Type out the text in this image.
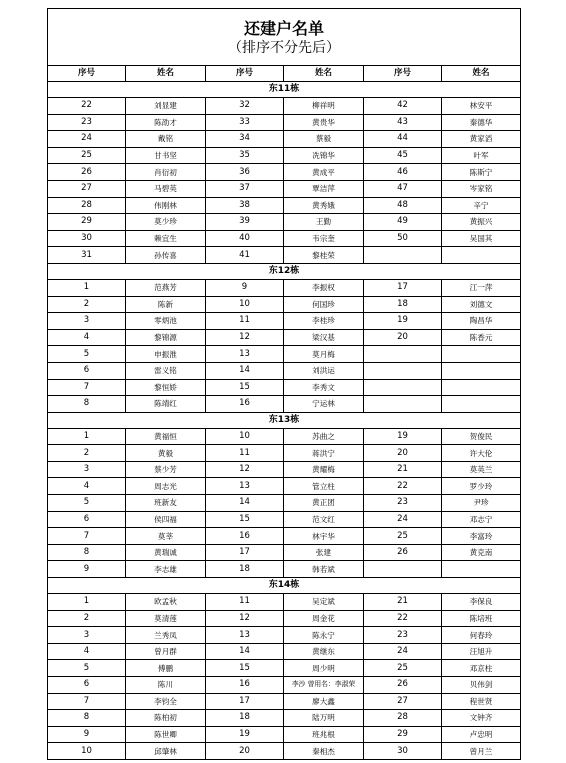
还建户名单
（排序不分先后）					

序号	姓名	序号	姓名	序号	姓名
东11栋					
22	刘显建	32	柳祥明	42	林安平
23	陈劭才	33	黄贵华	43	秦德华
24	戴铭	34	蔡毅	44	黄家滔
25	甘书坚	35	冼锦华	45	叶军
26	肖衍初	36	黄成平	46	陈斯宁
27	马碧英	37	覃洁萍	47	岑家铭
28	伟刚林	38	黄秀娥	48	辛宁
29	莫少珍	39	王勤	49	黄振兴
30	赖宜生	40	韦宗奎	50	吴国其
31	孙传喜	41	黎桂荣		
东12栋					
1	范燕芳	9	李振权	17	江一萍
2	陈新	10	何国珍	18	刘德文
3	零炳池	11	李桂珍	19	陶昌华
4	黎锦源	12	梁汉基	20	陈香元
5	申振淮	13	莫月梅		
6	雷义铭	14	刘洪运		
7	黎恒娇	15	李秀文		
8	陈靖红	16	宁运林		
东13栋					
1	黄福恒	10	苏曲之	19	贺俊民
2	黄毅	11	蒋洪宁	20	许大伦
3	蔡少芳	12	黄耀梅	21	莫英兰
4	周志光	13	管立柱	22	罗少玲
5	班新友	14	黄正团	23	尹珍
6	侯四福	15	范文红	24	邓志宁
7	莫莘	16	林宇华	25	李富玲
8	黄瑞诚	17	张建	26	黄克南
9	李志雄	18	韩若斌		
东14栋					
1	欧孟秋	11	吴定斌	21	李保良
2	莫清莲	12	周金花	22	陈培班
3	兰秀凤	13	陈永宁	23	何春玲
4	曾月群	14	黄继东	24	汪旭升
5	傅鹏	15	周少明	25	邓京柱
6	陈川	16	李沙 曾用名：李淑荣	26	贝伟剑
7	李钧全	17	廖大鑫	27	程世贤
8	陈柏初	18	陆万明	28	文钟齐
9	陈世卿	19	班兆根	29	卢忠明
10	邱肇林	20	秦相杰	30	曾月兰
